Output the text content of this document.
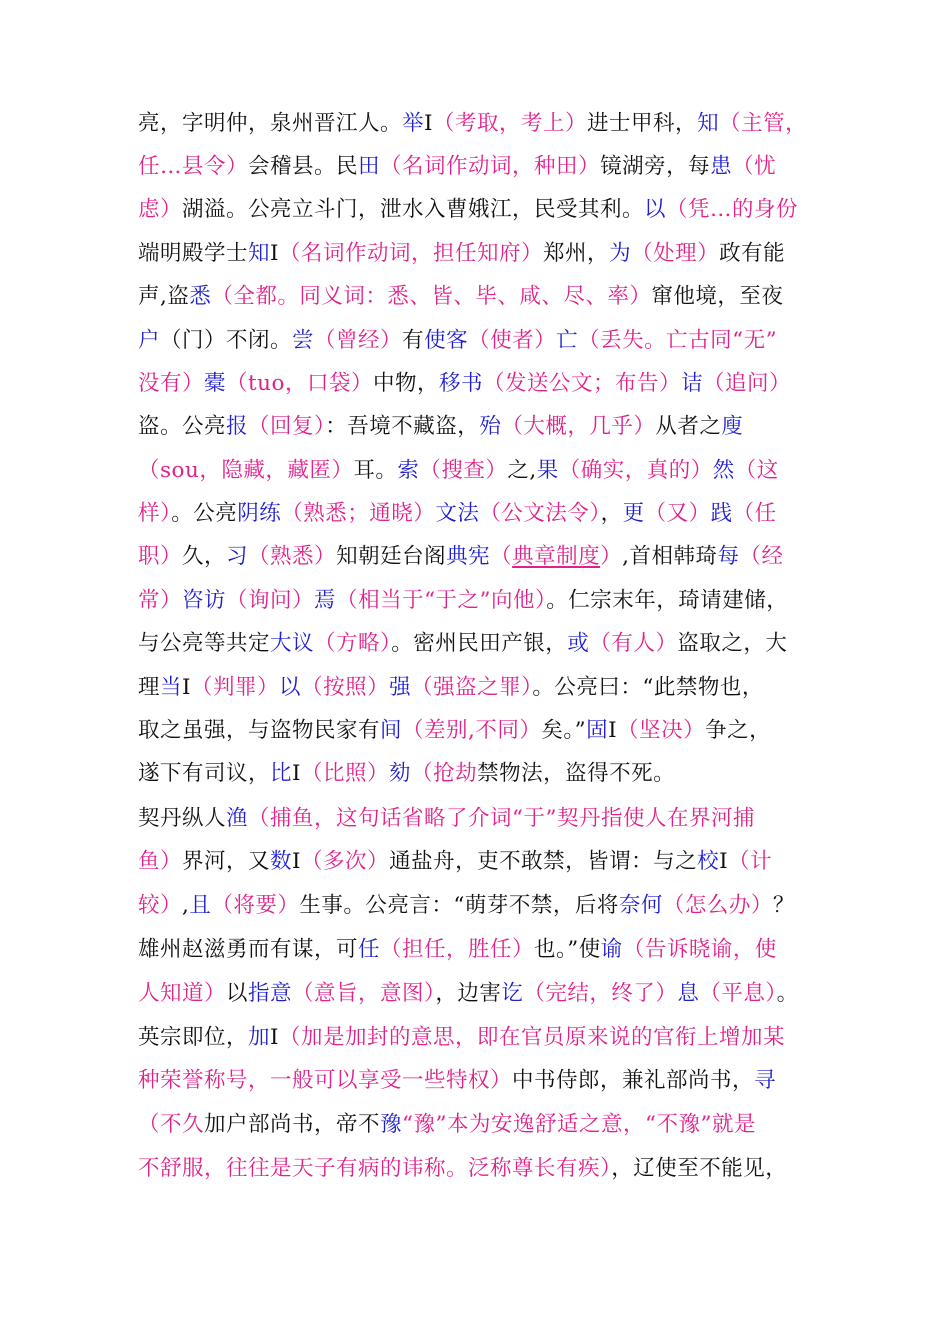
亮，字明仲，泉州晋江人。举Ⅰ（考取，考上）进士甲科，知（主管，
任…县令）会稽县。民田（名词作动词，种田）镜湖旁，每患（忧
虑）湖溢。公亮立斗门，泄水入曹娥江，民受其利。以（凭…的身份
端明殿学士知Ⅰ（名词作动词，担任知府）郑州，为（处理）政有能
声,盗悉（全都。同义词：悉、皆、毕、咸、尽、率）窜他境，至夜
户（门）不闭。尝（曾经）有使客（使者）亡（丢失。亡古同“无”
没有）橐（tuo，口袋）中物，移书（发送公文；布告）诘（追问）
盗。公亮报（回复）：吾境不藏盗，殆（大概，几乎）从者之廋
（sou，隐藏，藏匿）耳。索（搜查）之,果（确实，真的）然（这
样）。公亮阴练（熟悉；通晓）文法（公文法令），更（又）践（任
职）久，习（熟悉）知朝廷台阁典宪（典章制度）,首相韩琦每（经
常）咨访（询问）焉（相当于“于之”向他）。仁宗末年，琦请建储，
与公亮等共定大议（方略）。密州民田产银，或（有人）盗取之，大
理当Ⅰ（判罪）以（按照）强（强盗之罪）。公亮曰：“此禁物也，
取之虽强，与盗物民家有间（差别,不同）矣。”固Ⅰ（坚决）争之，
遂下有司议，比Ⅰ（比照）劾（抢劫禁物法，盗得不死。
契丹纵人渔（捕鱼，这句话省略了介词“于”契丹指使人在界河捕
鱼）界河，又数Ⅰ（多次）通盐舟，吏不敢禁，皆谓：与之校Ⅰ（计
较）,且（将要）生事。公亮言：“萌芽不禁，后将奈何（怎么办）？
雄州赵滋勇而有谋，可任（担任，胜任）也。”使谕（告诉晓谕，使
人知道）以指意（意旨，意图），边害讫（完结，终了）息（平息）。
英宗即位，加Ⅰ（加是加封的意思，即在官员原来说的官衔上增加某
种荣誉称号，一般可以享受一些特权）中书侍郎，兼礼部尚书，寻
（不久加户部尚书，帝不豫“豫”本为安逸舒适之意，“不豫”就是
不舒服，往往是天子有病的讳称。泛称尊长有疾），辽使至不能见，
